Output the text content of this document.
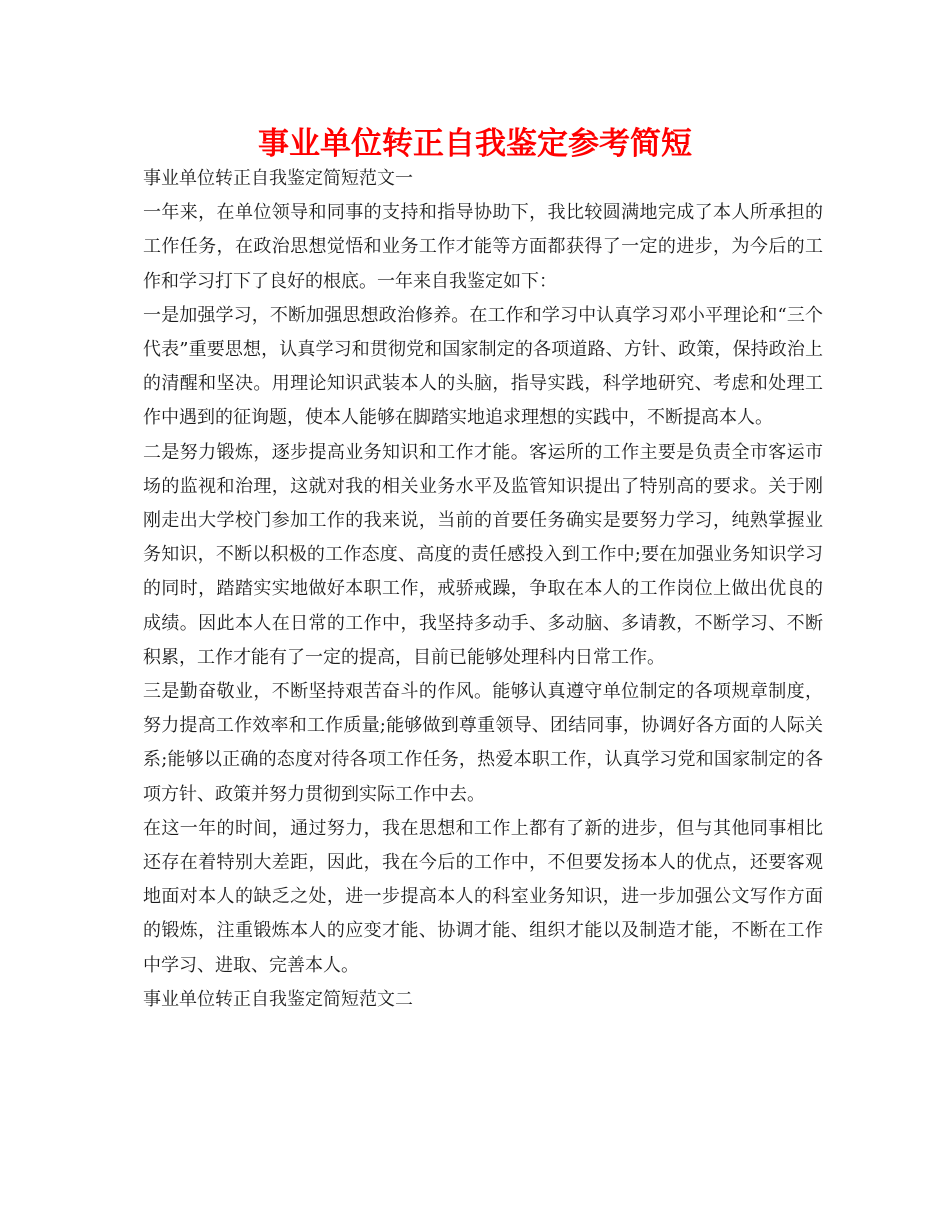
事业单位转正自我鉴定参考简短

事业单位转正自我鉴定简短范文一

一年来，在单位领导和同事的支持和指导协助下，我比较圆满地完成了本人所承担的工作任务，在政治思想觉悟和业务工作才能等方面都获得了一定的进步，为今后的工作和学习打下了良好的根底。一年来自我鉴定如下：

一是加强学习，不断加强思想政治修养。在工作和学习中认真学习邓小平理论和“三个代表”重要思想，认真学习和贯彻党和国家制定的各项道路、方针、政策，保持政治上的清醒和坚决。用理论知识武装本人的头脑，指导实践，科学地研究、考虑和处理工作中遇到的征询题，使本人能够在脚踏实地追求理想的实践中，不断提高本人。

二是努力锻炼，逐步提高业务知识和工作才能。客运所的工作主要是负责全市客运市场的监视和治理，这就对我的相关业务水平及监管知识提出了特别高的要求。关于刚刚走出大学校门参加工作的我来说，当前的首要任务确实是要努力学习，纯熟掌握业务知识，不断以积极的工作态度、高度的责任感投入到工作中;要在加强业务知识学习的同时，踏踏实实地做好本职工作，戒骄戒躁，争取在本人的工作岗位上做出优良的成绩。因此本人在日常的工作中，我坚持多动手、多动脑、多请教，不断学习、不断积累，工作才能有了一定的提高，目前已能够处理科内日常工作。

三是勤奋敬业，不断坚持艰苦奋斗的作风。能够认真遵守单位制定的各项规章制度，努力提高工作效率和工作质量;能够做到尊重领导、团结同事，协调好各方面的人际关系;能够以正确的态度对待各项工作任务，热爱本职工作，认真学习党和国家制定的各项方针、政策并努力贯彻到实际工作中去。

在这一年的时间，通过努力，我在思想和工作上都有了新的进步，但与其他同事相比还存在着特别大差距，因此，我在今后的工作中，不但要发扬本人的优点，还要客观地面对本人的缺乏之处，进一步提高本人的科室业务知识，进一步加强公文写作方面的锻炼，注重锻炼本人的应变才能、协调才能、组织才能以及制造才能，不断在工作中学习、进取、完善本人。

事业单位转正自我鉴定简短范文二
